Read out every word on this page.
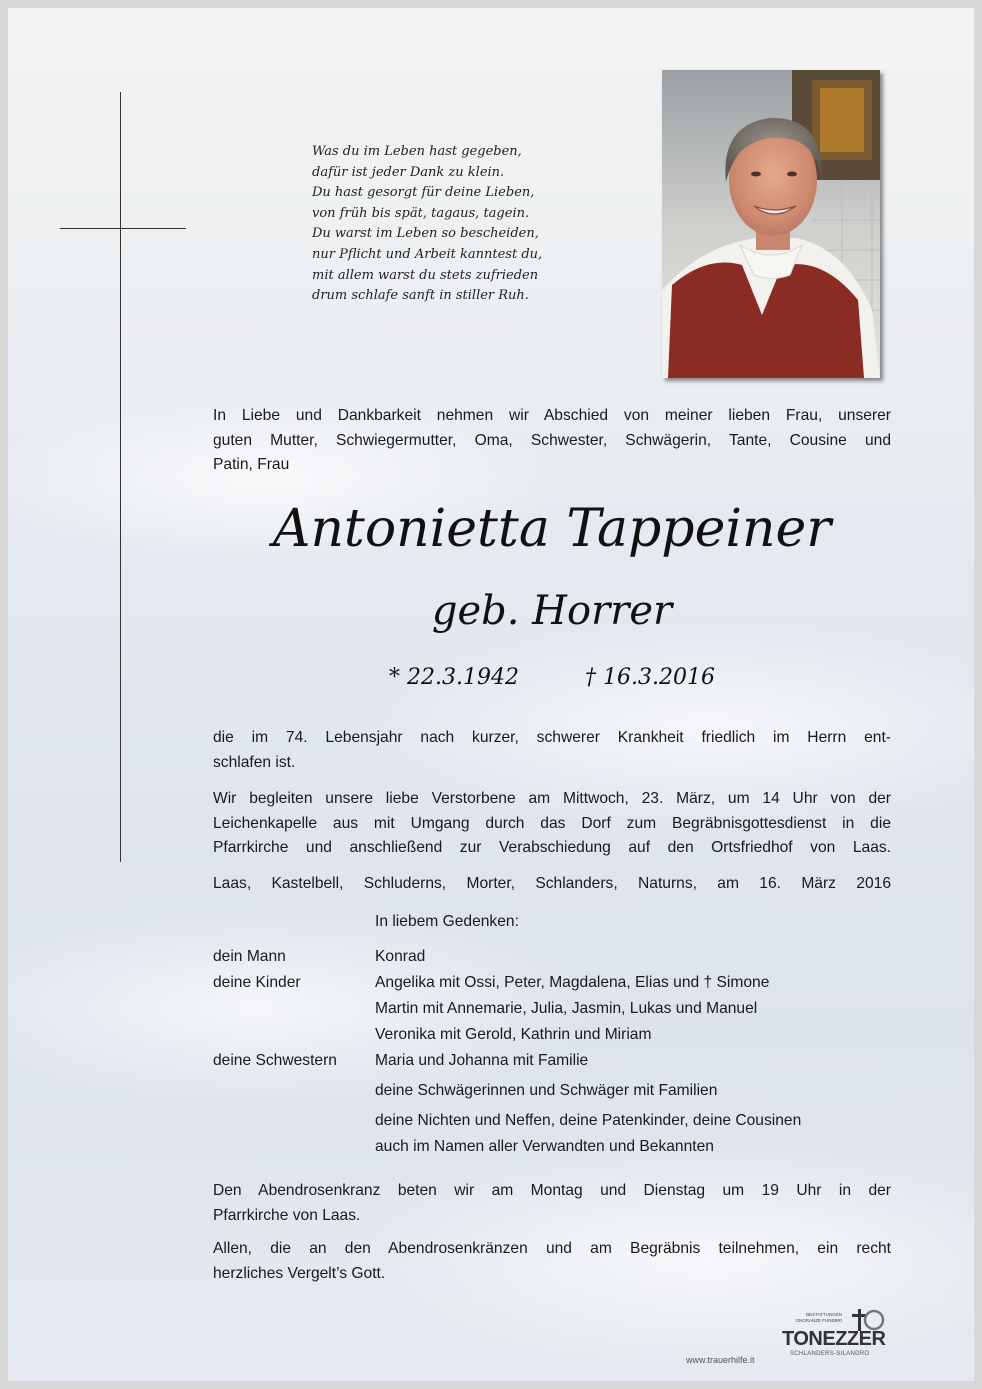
Was du im Leben hast gegeben,
dafür ist jeder Dank zu klein.
Du hast gesorgt für deine Lieben,
von früh bis spät, tagaus, tagein.
Du warst im Leben so bescheiden,
nur Pflicht und Arbeit kanntest du,
mit allem warst du stets zufrieden
drum schlafe sanft in stiller Ruh.
In Liebe und Dankbarkeit nehmen wir Abschied von meiner lieben Frau, unserer
guten Mutter, Schwiegermutter, Oma, Schwester, Schwägerin, Tante, Cousine und
Patin, Frau
Antonietta Tappeiner
geb. Horrer
* 22.3.1942	† 16.3.2016
die im 74. Lebensjahr nach kurzer, schwerer Krankheit friedlich im Herrn ent-
schlafen ist.
Wir begleiten unsere liebe Verstorbene am Mittwoch, 23. März, um 14 Uhr von der
Leichenkapelle aus mit Umgang durch das Dorf zum Begräbnisgottesdienst in die
Pfarrkirche und anschließend zur Verabschiedung auf den Ortsfriedhof von Laas.
Laas, Kastelbell, Schluderns, Morter, Schlanders, Naturns, am 16. März 2016
In liebem Gedenken:
dein Mann	Konrad
deine Kinder	Angelika mit Ossi, Peter, Magdalena, Elias und † Simone
Martin mit Annemarie, Julia, Jasmin, Lukas und Manuel
Veronika mit Gerold, Kathrin und Miriam
deine Schwestern Maria und Johanna mit Familie
deine Schwägerinnen und Schwäger mit Familien
deine Nichten und Neffen, deine Patenkinder, deine Cousinen
auch im Namen aller Verwandten und Bekannten
Den Abendrosenkranz beten wir am Montag und Dienstag um 19 Uhr in der
Pfarrkirche von Laas.
Allen, die an den Abendrosenkränzen und am Begräbnis teilnehmen, ein recht
herzliches Vergelt’s Gott.
www.trauerhilfe.it
BESTATTUNGEN
ONORANZE FUNEBRI
TONEZZER
SCHLANDERS-SILANDRO
